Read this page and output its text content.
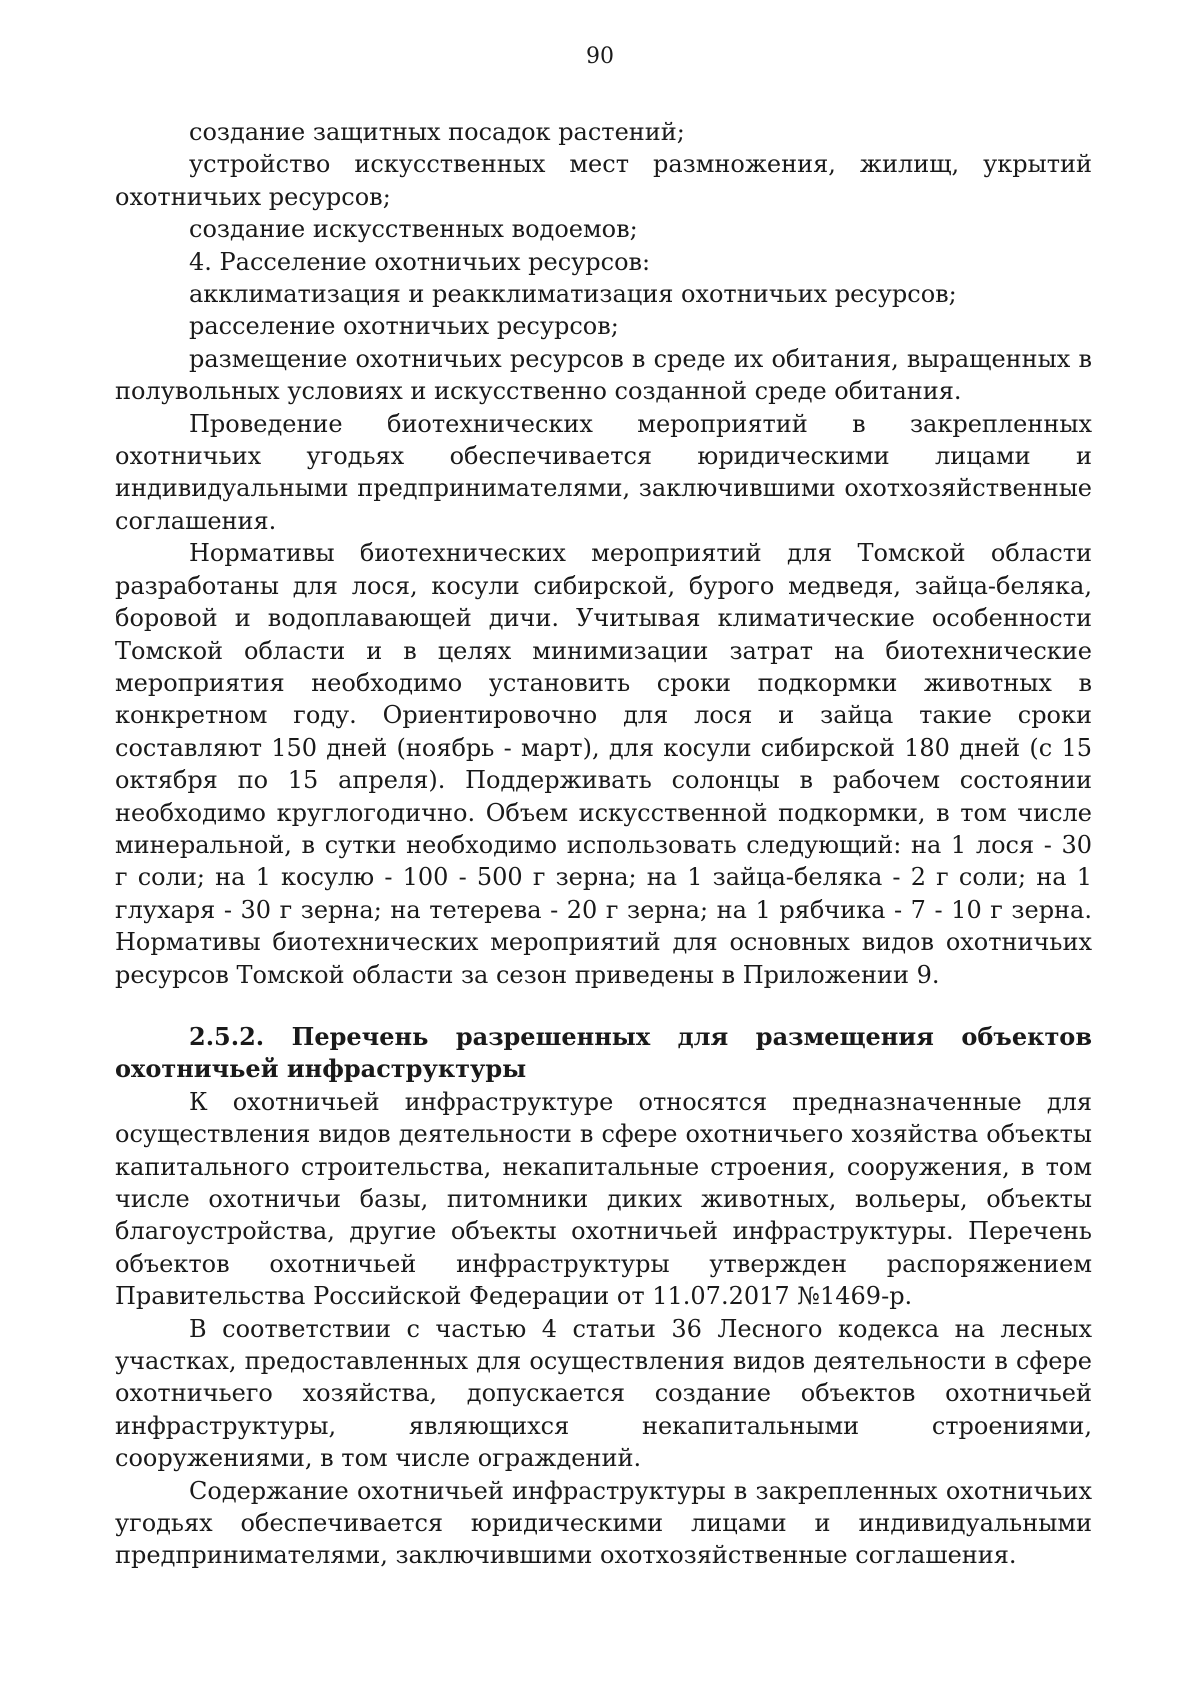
90

создание защитных посадок растений;

устройство искусственных мест размножения, жилищ, укрытий охотничьих ресурсов;

создание искусственных водоемов;

4. Расселение охотничьих ресурсов:

акклиматизация и реакклиматизация охотничьих ресурсов;

расселение охотничьих ресурсов;

размещение охотничьих ресурсов в среде их обитания, выращенных в полувольных условиях и искусственно созданной среде обитания.

Проведение биотехнических мероприятий в закрепленных охотничьих угодьях обеспечивается юридическими лицами и индивидуальными предпринимателями, заключившими охотхозяйственные соглашения.

Нормативы биотехнических мероприятий для Томской области разработаны для лося, косули сибирской, бурого медведя, зайца-беляка, боровой и водоплавающей дичи. Учитывая климатические особенности Томской области и в целях минимизации затрат на биотехнические мероприятия необходимо установить сроки подкормки животных в конкретном году. Ориентировочно для лося и зайца такие сроки составляют 150 дней (ноябрь - март), для косули сибирской 180 дней (с 15 октября по 15 апреля). Поддерживать солонцы в рабочем состоянии необходимо круглогодично. Объем искусственной подкормки, в том числе минеральной, в сутки необходимо использовать следующий: на 1 лося - 30 г соли; на 1 косулю - 100 - 500 г зерна; на 1 зайца-беляка - 2 г соли; на 1 глухаря - 30 г зерна; на тетерева - 20 г зерна; на 1 рябчика - 7 - 10 г зерна. Нормативы биотехнических мероприятий для основных видов охотничьих ресурсов Томской области за сезон приведены в Приложении 9.

2.5.2. Перечень разрешенных для размещения объектов охотничьей инфраструктуры

К охотничьей инфраструктуре относятся предназначенные для осуществления видов деятельности в сфере охотничьего хозяйства объекты капитального строительства, некапитальные строения, сооружения, в том числе охотничьи базы, питомники диких животных, вольеры, объекты благоустройства, другие объекты охотничьей инфраструктуры. Перечень объектов охотничьей инфраструктуры утвержден распоряжением Правительства Российской Федерации от 11.07.2017 №1469-р.

В соответствии с частью 4 статьи 36 Лесного кодекса на лесных участках, предоставленных для осуществления видов деятельности в сфере охотничьего хозяйства, допускается создание объектов охотничьей инфраструктуры, являющихся некапитальными строениями, сооружениями, в том числе ограждений.

Содержание охотничьей инфраструктуры в закрепленных охотничьих угодьях обеспечивается юридическими лицами и индивидуальными предпринимателями, заключившими охотхозяйственные соглашения.
